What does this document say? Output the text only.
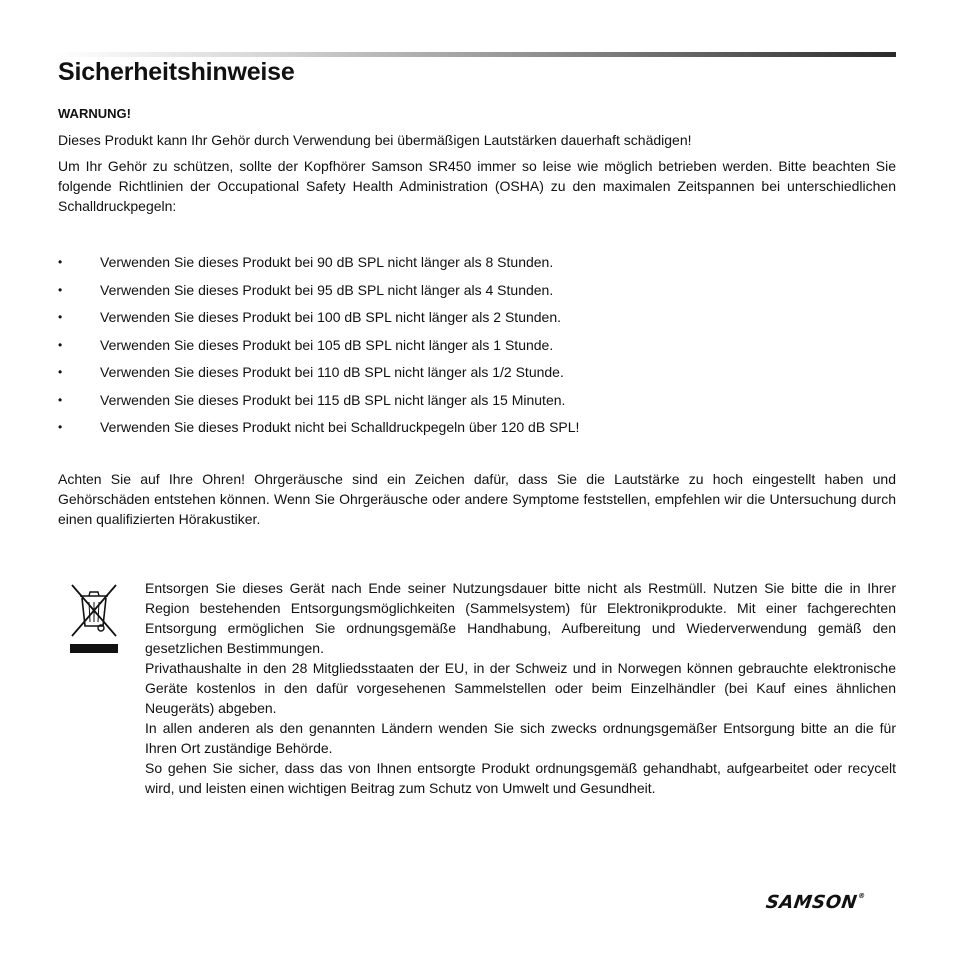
Sicherheitshinweise

WARNUNG!

Dieses Produkt kann Ihr Gehör durch Verwendung bei übermäßigen Lautstärken dauerhaft schädigen!

Um Ihr Gehör zu schützen, sollte der Kopfhörer Samson SR450 immer so leise wie möglich betrieben werden. Bitte beachten Sie folgende Richtlinien der Occupational Safety Health Administration (OSHA) zu den maximalen Zeitspannen bei unterschiedlichen Schalldruckpegeln:

•	Verwenden Sie dieses Produkt bei 90 dB SPL nicht länger als 8 Stunden.
•	Verwenden Sie dieses Produkt bei 95 dB SPL nicht länger als 4 Stunden.
•	Verwenden Sie dieses Produkt bei 100 dB SPL nicht länger als 2 Stunden.
•	Verwenden Sie dieses Produkt bei 105 dB SPL nicht länger als 1 Stunde.
•	Verwenden Sie dieses Produkt bei 110 dB SPL nicht länger als 1/2 Stunde.
•	Verwenden Sie dieses Produkt bei 115 dB SPL nicht länger als 15 Minuten.
•	Verwenden Sie dieses Produkt nicht bei Schalldruckpegeln über 120 dB SPL!

Achten Sie auf Ihre Ohren! Ohrgeräusche sind ein Zeichen dafür, dass Sie die Lautstärke zu hoch eingestellt haben und Gehörschäden entstehen können. Wenn Sie Ohrgeräusche oder andere Symptome feststellen, empfehlen wir die Untersuchung durch einen qualifizierten Hörakustiker.

Entsorgen Sie dieses Gerät nach Ende seiner Nutzungsdauer bitte nicht als Restmüll. Nutzen Sie bitte die in Ihrer Region bestehenden Entsorgungsmöglichkeiten (Sammelsystem) für Elektronikprodukte. Mit einer fachgerechten Entsorgung ermöglichen Sie ordnungsgemäße Handhabung, Aufbereitung und Wiederverwendung gemäß den gesetzlichen Bestimmungen.

Privathaushalte in den 28 Mitgliedsstaaten der EU, in der Schweiz und in Norwegen können gebrauchte elektronische Geräte kostenlos in den dafür vorgesehenen Sammelstellen oder beim Einzelhändler (bei Kauf eines ähnlichen Neugeräts) abgeben.

In allen anderen als den genannten Ländern wenden Sie sich zwecks ordnungsgemäßer Entsorgung bitte an die für Ihren Ort zuständige Behörde.

So gehen Sie sicher, dass das von Ihnen entsorgte Produkt ordnungsgemäß gehandhabt, aufgearbeitet oder recycelt wird, und leisten einen wichtigen Beitrag zum Schutz von Umwelt und Gesundheit.

SAMSON®
